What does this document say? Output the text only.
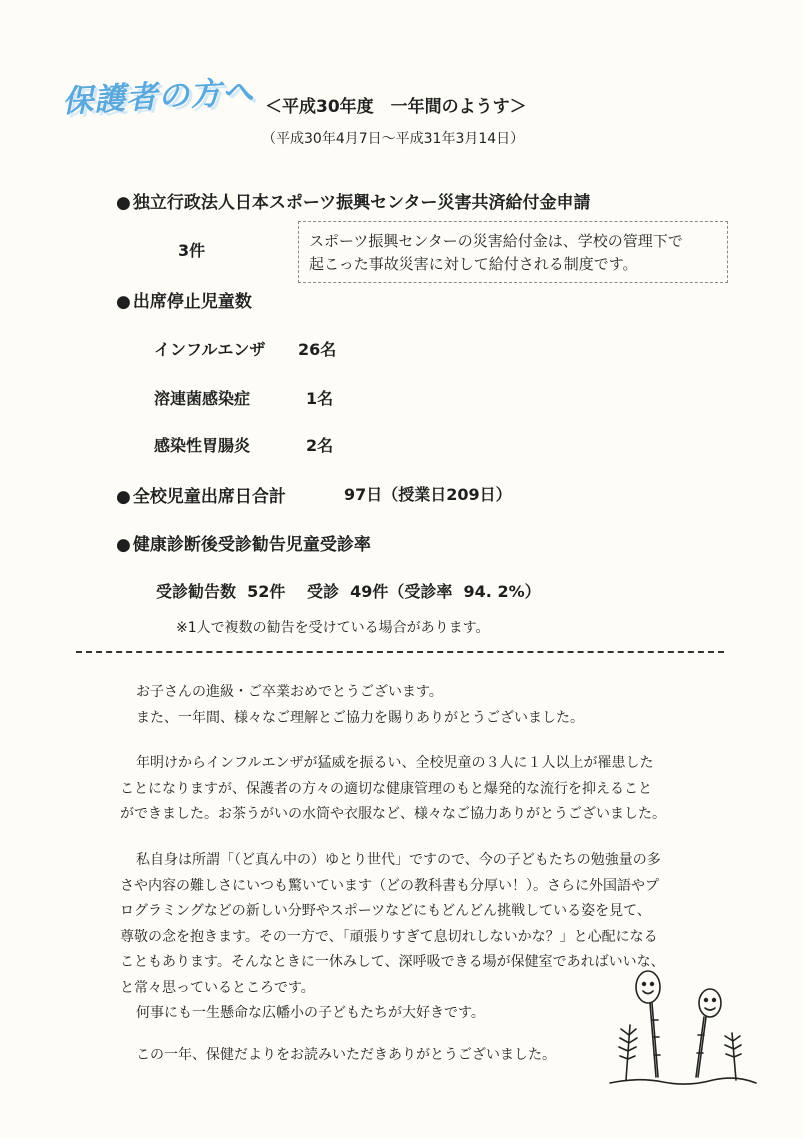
保護者の方へ ＜平成30年度　一年間のようす＞
（平成30年4月7日～平成31年3月14日）
● 独立行政法人日本スポーツ振興センター災害共済給付金申請
3件	スポーツ振興センターの災害給付金は、学校の管理下で
起こった事故災害に対して給付される制度です。
● 出席停止児童数
インフルエンザ 26名
溶連菌感染症	1名
感染性胃腸炎	2名
● 全校児童出席日合計	97日（授業日209日）
● 健康診断後受診勧告児童受診率
受診勧告数  52件　 受診  49件（受診率  94. 2%）
※1人で複数の勧告を受けている場合があります。

お子さんの進級・ご卒業おめでとうございます。

また、一年間、様々なご理解とご協力を賜りありがとうございました。

年明けからインフルエンザが猛威を振るい、全校児童の３人に１人以上が罹患した

ことになりますが、保護者の方々の適切な健康管理のもと爆発的な流行を抑えること

ができました。お茶うがいの水筒や衣服など、様々なご協力ありがとうございました。

私自身は所謂「（ど真ん中の）ゆとり世代」ですので、今の子どもたちの勉強量の多

さや内容の難しさにいつも驚いています（どの教科書も分厚い！）。さらに外国語やプ

ログラミングなどの新しい分野やスポーツなどにもどんどん挑戦している姿を見て、

尊敬の念を抱きます。その一方で、「頑張りすぎて息切れしないかな？」と心配になる

こともあります。そんなときに一休みして、深呼吸できる場が保健室であればいいな、

と常々思っているところです。

何事にも一生懸命な広幡小の子どもたちが大好きです。

この一年、保健だよりをお読みいただきありがとうございました。
